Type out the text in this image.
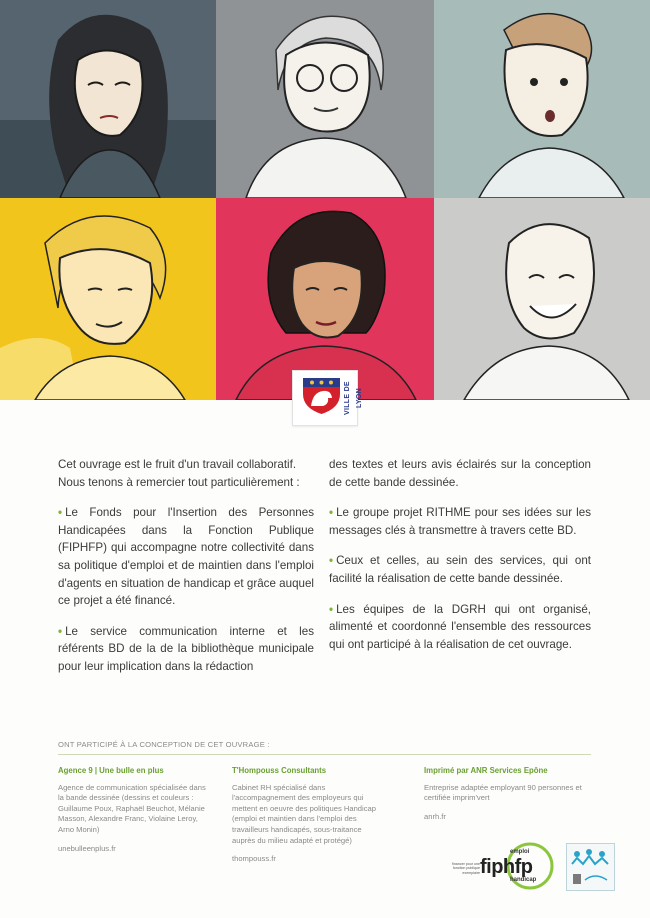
VILLE DE LYON

Cet ouvrage est le fruit d'un travail collaboratif. Nous tenons à remercier tout particulièrement :

• Le Fonds pour l'Insertion des Personnes Handicapées dans la Fonction Publique (FIPHFP) qui accompagne notre collectivité dans sa politique d'emploi et de maintien dans l'emploi d'agents en situation de handicap et grâce auquel ce projet a été financé.

• Le service communication interne et les référents BD de la de la bibliothèque municipale pour leur implication dans la rédaction

des textes et leurs avis éclairés sur la conception de cette bande dessinée.

• Le groupe projet RITHME pour ses idées sur les messages clés à transmettre à travers cette BD.

• Ceux et celles, au sein des services, qui ont facilité la réalisation de cette bande dessinée.

• Les équipes de la DGRH qui ont organisé, alimenté et coordonné l'ensemble des ressources qui ont participé à la réalisation de cet ouvrage.

ONT PARTICIPÉ À LA CONCEPTION DE CET OUVRAGE :
Agence 9 | Une bulle en plus
Agence de communication spécialisée dans la bande dessinée (dessins et couleurs : Guillaume Poux, Raphaël Beuchot, Mélanie Masson, Alexandre Franc, Violaine Leroy, Arno Monin)
unebulleenplus.fr
T'Hompouss Consultants
Cabinet RH spécialisé dans l'accompagnement des employeurs qui mettent en oeuvre des politiques Handicap (emploi et maintien dans l'emploi des travailleurs handicapés, sous-traitance auprès du milieu adapté et protégé)
thompouss.fr
Imprimé par ANR Services Epône
Entreprise adaptée employant 90 personnes et certifiée imprim'vert
anrh.fr
financer pour une fonction publique exemplaire
emploi
fiphfp
handicap
